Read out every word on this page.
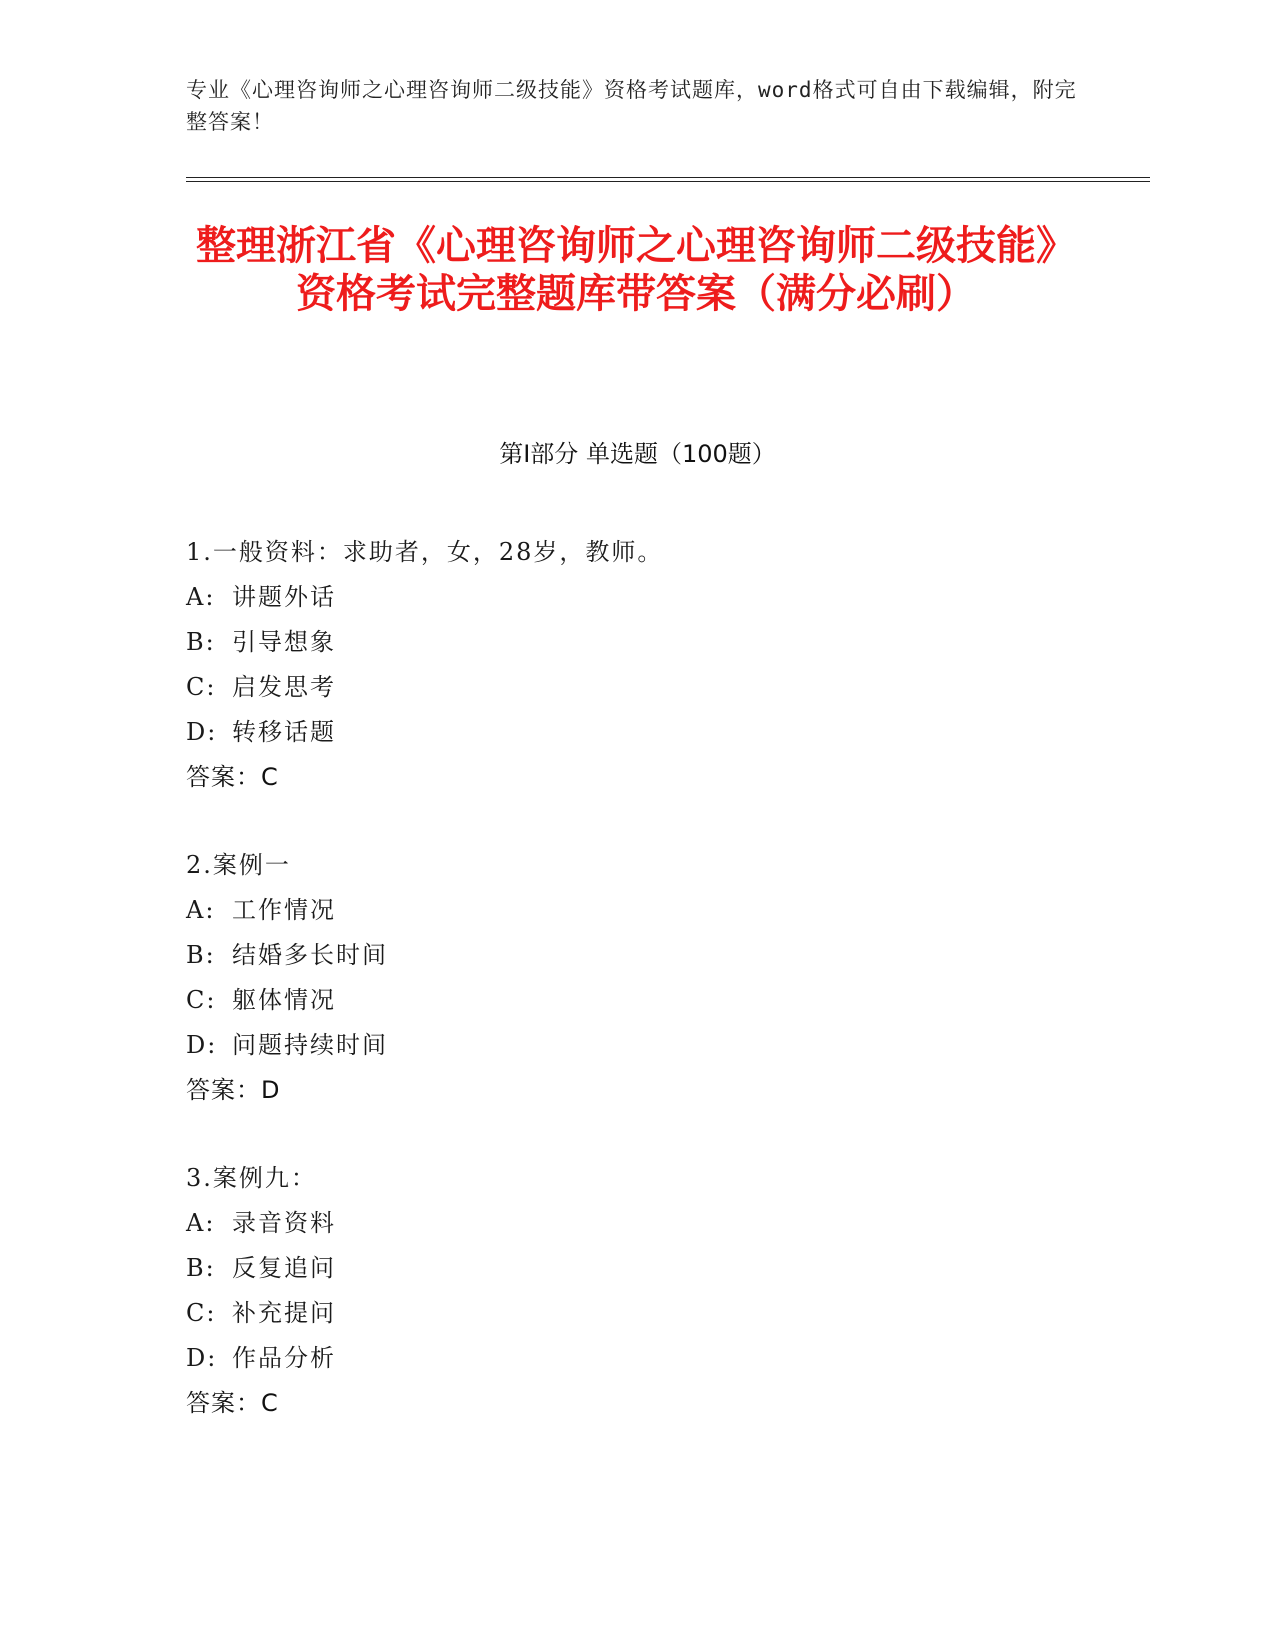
专业《心理咨询师之心理咨询师二级技能》资格考试题库，word格式可自由下载编辑，附完整答案！
整理浙江省《心理咨询师之心理咨询师二级技能》资格考试完整题库带答案（满分必刷）
第I部分 单选题（100题）
1.一般资料：求助者，女，28岁，教师。
A: 讲题外话
B: 引导想象
C: 启发思考
D: 转移话题
答案：C
2.案例一
A: 工作情况
B: 结婚多长时间
C: 躯体情况
D: 问题持续时间
答案：D
3.案例九：
A: 录音资料
B: 反复追问
C: 补充提问
D: 作品分析
答案：C
